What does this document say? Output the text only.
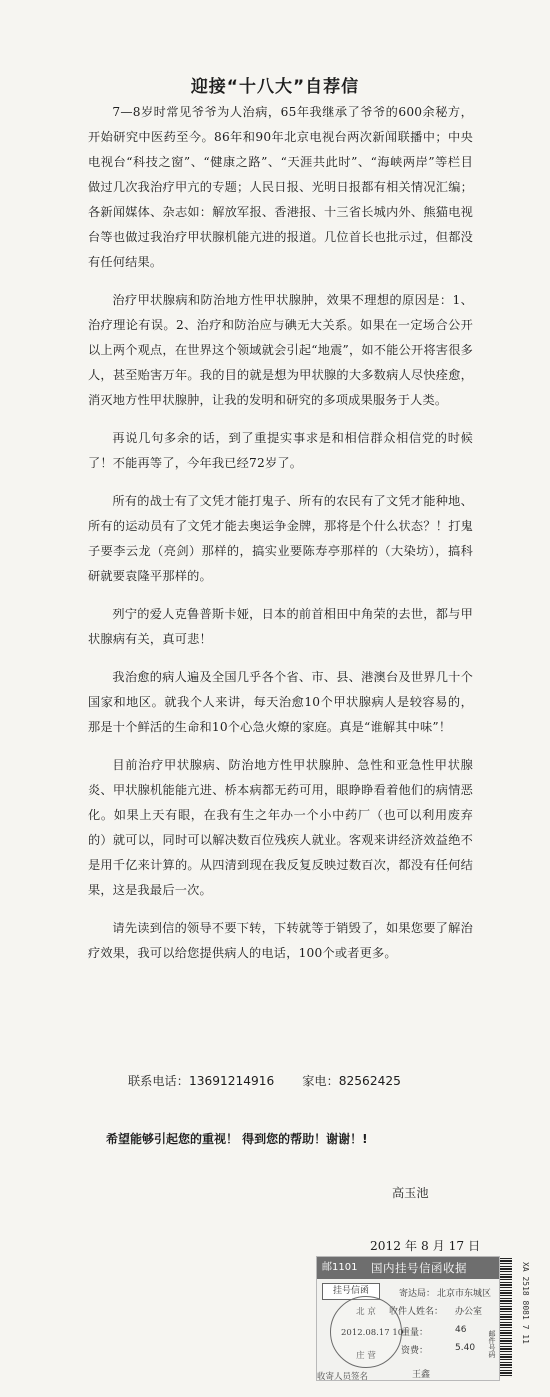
迎接“十八大”自荐信

7—8岁时常见爷爷为人治病，65年我继承了爷爷的600余秘方，开始研究中医药至今。86年和90年北京电视台两次新闻联播中；中央电视台“科技之窗”、“健康之路”、“天涯共此时”、“海峡两岸”等栏目做过几次我治疗甲亢的专题；人民日报、光明日报都有相关情况汇编；各新闻媒体、杂志如：解放军报、香港报、十三省长城内外、熊猫电视台等也做过我治疗甲状腺机能亢进的报道。几位首长也批示过，但都没有任何结果。

治疗甲状腺病和防治地方性甲状腺肿，效果不理想的原因是：1、治疗理论有误。2、治疗和防治应与碘无大关系。如果在一定场合公开以上两个观点，在世界这个领域就会引起“地震”，如不能公开将害很多人，甚至贻害万年。我的目的就是想为甲状腺的大多数病人尽快痊愈，消灭地方性甲状腺肿，让我的发明和研究的多项成果服务于人类。

再说几句多余的话，到了重提实事求是和相信群众相信党的时候了！不能再等了，今年我已经72岁了。

所有的战士有了文凭才能打鬼子、所有的农民有了文凭才能种地、所有的运动员有了文凭才能去奥运争金牌，那将是个什么状态？！打鬼子要李云龙（亮剑）那样的，搞实业要陈寿亭那样的（大染坊），搞科研就要袁隆平那样的。

列宁的爱人克鲁普斯卡娅，日本的前首相田中角荣的去世，都与甲状腺病有关，真可悲！

我治愈的病人遍及全国几乎各个省、市、县、港澳台及世界几十个国家和地区。就我个人来讲，每天治愈10个甲状腺病人是较容易的，那是十个鲜活的生命和10个心急火燎的家庭。真是“谁解其中味”！

目前治疗甲状腺病、防治地方性甲状腺肿、急性和亚急性甲状腺炎、甲状腺机能能亢进、桥本病都无药可用，眼睁睁看着他们的病情恶化。如果上天有眼，在我有生之年办一个小中药厂（也可以利用废弃的）就可以，同时可以解决数百位残疾人就业。客观来讲经济效益绝不是用千亿来计算的。从四清到现在我反复反映过数百次，都没有任何结果，这是我最后一次。

请先读到信的领导不要下转，下转就等于销毁了，如果您要了解治疗效果，我可以给您提供病人的电话，100个或者更多。

联系电话：13691214916 家电：82562425
希望能够引起您的重视！ 得到您的帮助！谢谢！!
高玉池
2012 年 8 月 17 日
邮1101 国内挂号信函收据
挂号信函	寄达局： 北京市东城区
收件人姓名： 办公室
重量：	46
资费：	5.40
北 京
2012.08.17 10
庄 营
收寄人员签名	王鑫
邮件号码
XA 2518 8081 7 11
